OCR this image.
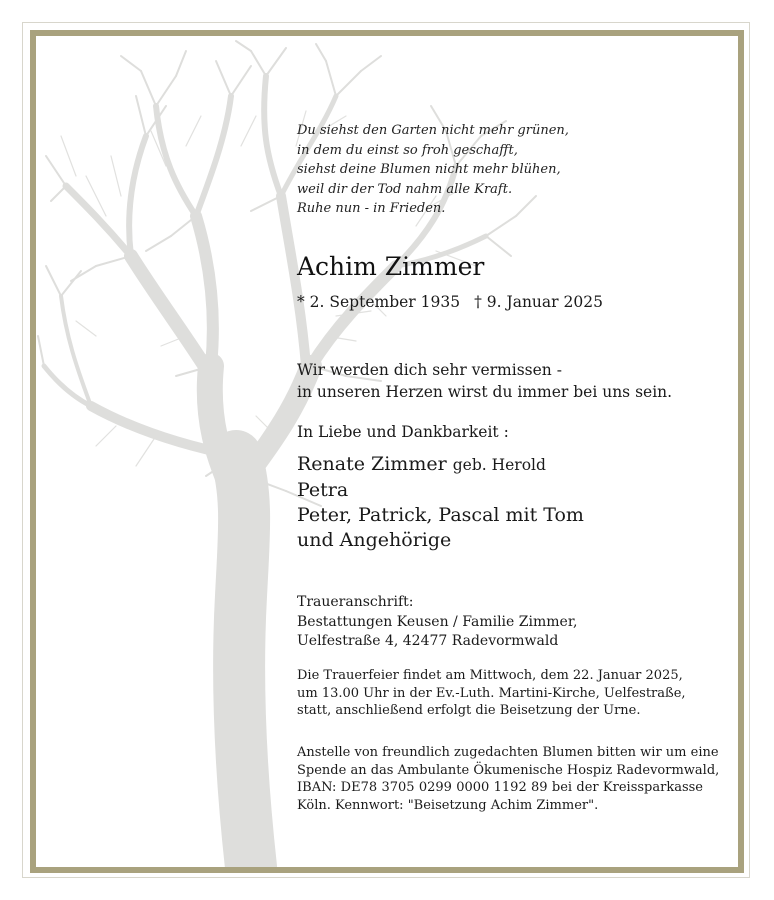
Du siehst den Garten nicht mehr grünen,
in dem du einst so froh geschafft,
siehst deine Blumen nicht mehr blühen,
weil dir der Tod nahm alle Kraft.
Ruhe nun - in Frieden.
Achim Zimmer
* 2. September 1935 † 9. Januar 2025
Wir werden dich sehr vermissen -
in unseren Herzen wirst du immer bei uns sein.
In Liebe und Dankbarkeit :
Renate Zimmer geb. Herold
Petra
Peter, Patrick, Pascal mit Tom
und Angehörige
Traueranschrift:
Bestattungen Keusen / Familie Zimmer,
Uelfestraße 4, 42477 Radevormwald
Die Trauerfeier findet am Mittwoch, dem 22. Januar 2025,
um 13.00 Uhr in der Ev.-Luth. Martini-Kirche, Uelfestraße,
statt, anschließend erfolgt die Beisetzung der Urne.
Anstelle von freundlich zugedachten Blumen bitten wir um eine
Spende an das Ambulante Ökumenische Hospiz Radevormwald,
IBAN: DE78 3705 0299 0000 1192 89 bei der Kreissparkasse
Köln. Kennwort: "Beisetzung Achim Zimmer".
